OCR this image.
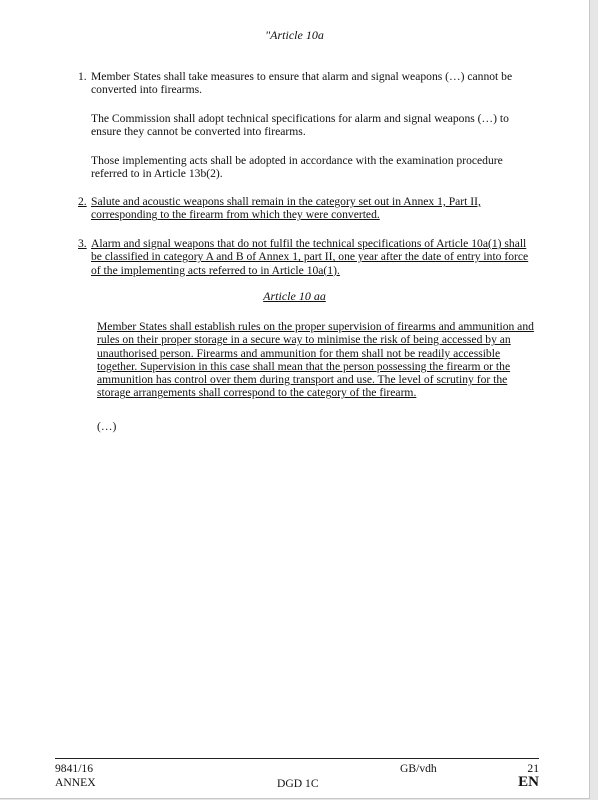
"Article 10a
1. Member States shall take measures to ensure that alarm and signal weapons (…) cannot be converted into firearms.
The Commission shall adopt technical specifications for alarm and signal weapons (…) to ensure they cannot be converted into firearms.
Those implementing acts shall be adopted in accordance with the examination procedure referred to in Article 13b(2).
2. Salute and acoustic weapons shall remain in the category set out in Annex 1, Part II, corresponding to the firearm from which they were converted.
3. Alarm and signal weapons that do not fulfil the technical specifications of Article 10a(1) shall be classified in category A and B of Annex 1, part II, one year after the date of entry into force of the implementing acts referred to in Article 10a(1).
Article 10 aa
Member States shall establish rules on the proper supervision of firearms and ammunition and rules on their proper storage in a secure way to minimise the risk of being accessed by an unauthorised person. Firearms and ammunition for them shall not be readily accessible together. Supervision in this case shall mean that the person possessing the firearm or the ammunition has control over them during transport and use. The level of scrutiny for the storage arrangements shall correspond to the category of the firearm.
(…)
9841/16
ANNEX
GB/vdh
DGD 1C
21
EN
